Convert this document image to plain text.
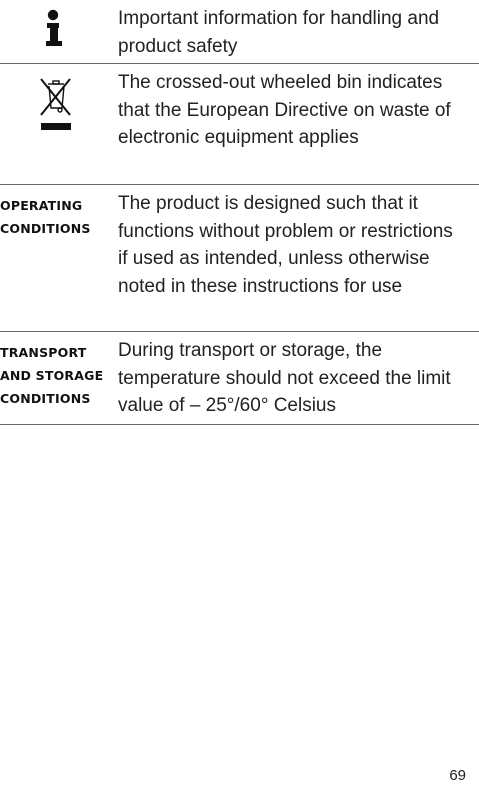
Important information for handling and product safety
The crossed-out wheeled bin indicates that the European Directive on waste of electronic equipment applies
OPERATING
CONDITIONS
The product is designed such that it functions without problem or restrictions if used as intended, unless otherwise noted in these instructions for use
TRANSPORT
AND STORAGE
CONDITIONS
During transport or storage, the temperature should not exceed the limit value of – 25°/60° Celsius
69
